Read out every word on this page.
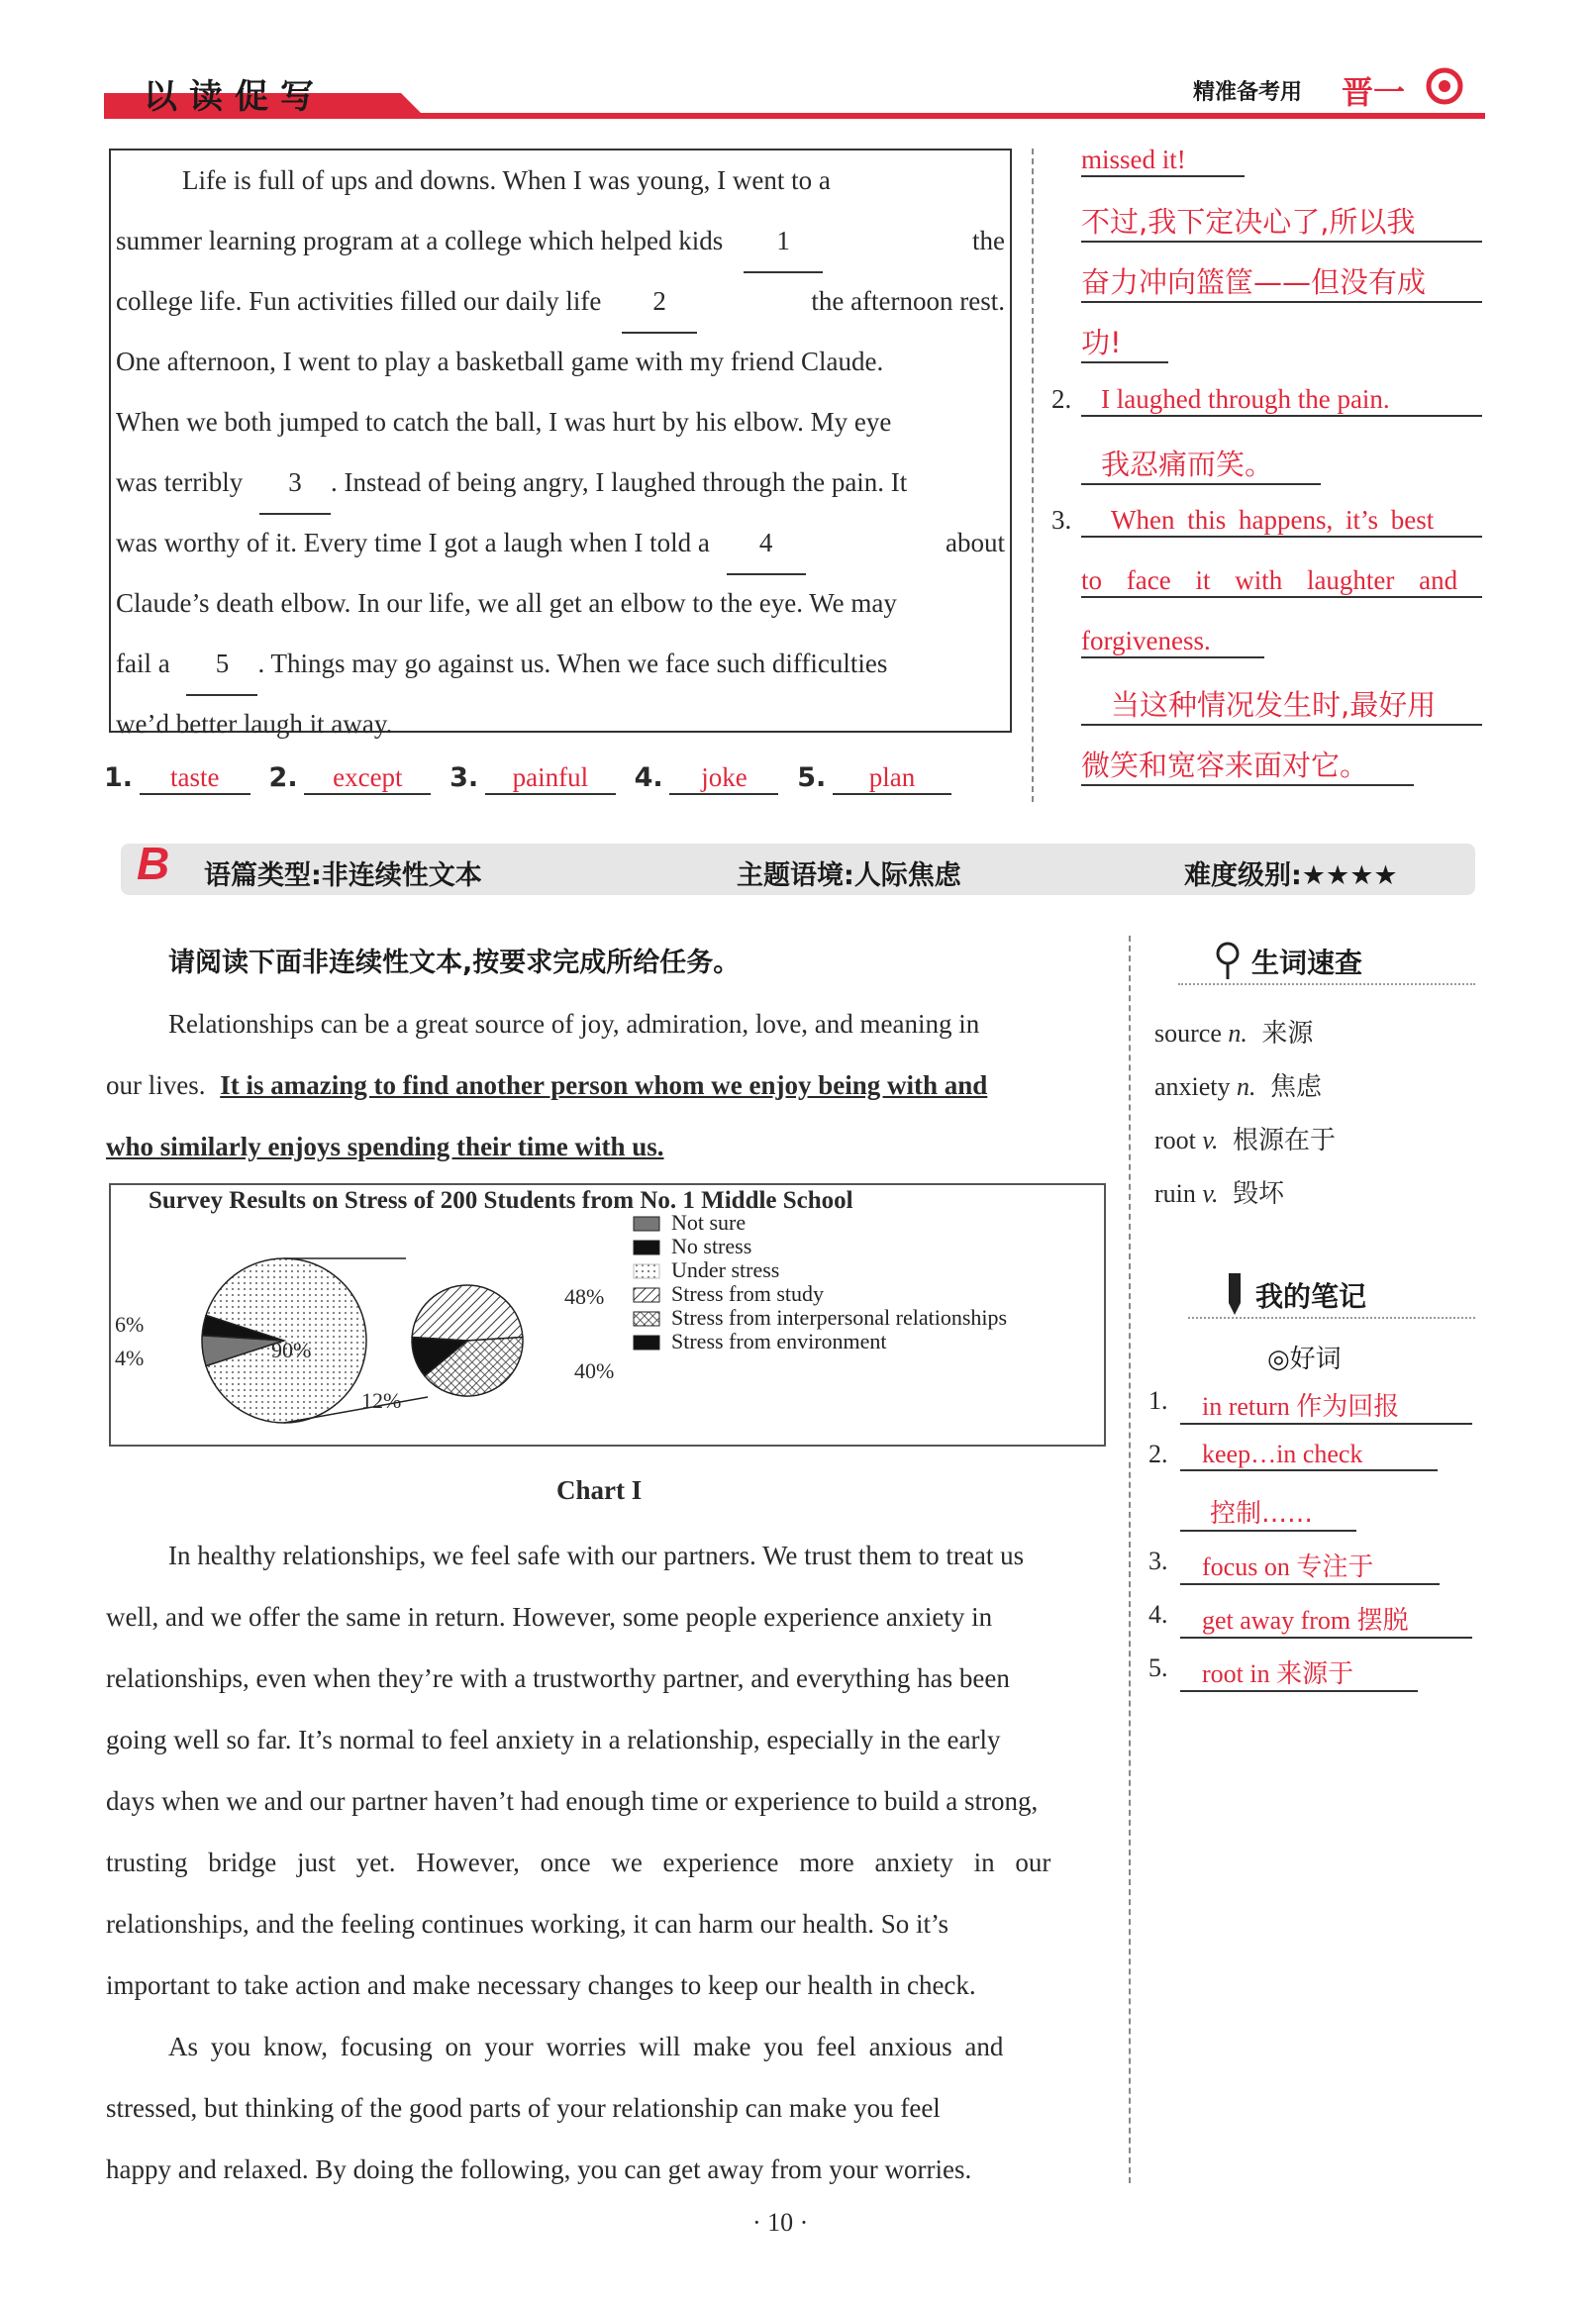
以读促写	精准备考用 晋一
Life is full of ups and downs. When I was young, I went to a
summer learning program at a college which helped kids 1	the
college life. Fun activities filled our daily life 2	the afternoon rest.
One afternoon, I went to play a basketball game with my friend Claude.
When we both jumped to catch the ball, I was hurt by his elbow. My eye
was terribly 3 . Instead of being angry, I laughed through the pain. It
was worthy of it. Every time I got a laugh when I told a 4	about
Claude’s death elbow. In our life, we all get an elbow to the eye. We may
fail a 5 . Things may go against us. When we face such difficulties
we’d better laugh it away.
1. taste 2. except 3. painful 4. joke 5. plan
missed it!
不过,我下定决心了,所以我
奋力冲向篮筐——但没有成
功!
2.	I laughed through the pain.
我忍痛而笑。
3.	When this happens, it’s best
to face it with laughter and
forgiveness.
当这种情况发生时,最好用
微笑和宽容来面对它。
B 语篇类型:非连续性文本	主题语境:人际焦虑	难度级别:★★★★
请阅读下面非连续性文本,按要求完成所给任务。
Relationships can be a great source of joy, admiration, love, and meaning in
our lives. It is amazing to find another person whom we enjoy being with and
who similarly enjoys spending their time with us.
Survey Results on Stress of 200 Students from No. 1 Middle School
Not sure
No stress
Under stress
Stress from study
Stress from interpersonal relationships
Stress from environment
6%
4%	90%
48%
40%
12%
Chart I
In healthy relationships, we feel safe with our partners. We trust them to treat us
well, and we offer the same in return. However, some people experience anxiety in
relationships, even when they’re with a trustworthy partner, and everything has been
going well so far. It’s normal to feel anxiety in a relationship, especially in the early
days when we and our partner haven’t had enough time or experience to build a strong,
trusting bridge just yet. However, once we experience more anxiety in our
relationships, and the feeling continues working, it can harm our health. So it’s
important to take action and make necessary changes to keep our health in check.
As you know, focusing on your worries will make you feel anxious and
stressed, but thinking of the good parts of your relationship can make you feel
happy and relaxed. By doing the following, you can get away from your worries.
生词速查
source n. 来源
anxiety n. 焦虑
root v. 根源在于
ruin v. 毁坏
我的笔记
◎好词
1.	in return 作为回报
2.	keep…in check
控制……
3.	focus on 专注于
4.	get away from 摆脱
5.	root in 来源于
· 10 ·
